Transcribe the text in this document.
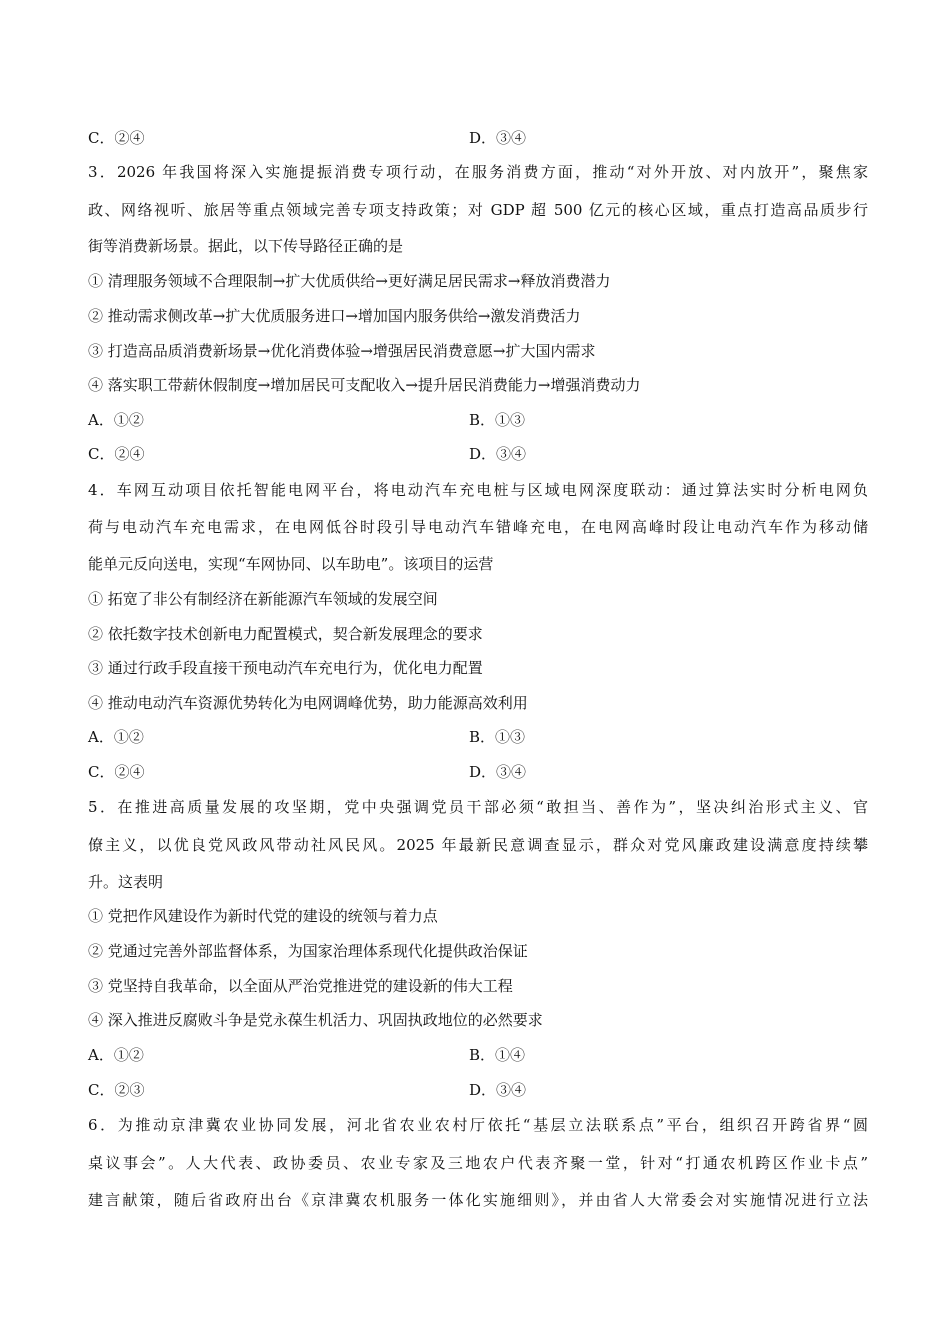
C．②④	D．③④
3．2026 年我国将深入实施提振消费专项行动，在服务消费方面，推动“对外开放、对内放开”，聚焦家
政、网络视听、旅居等重点领域完善专项支持政策；对 GDP 超 500 亿元的核心区域，重点打造高品质步行
街等消费新场景。据此，以下传导路径正确的是
① 清理服务领域不合理限制→扩大优质供给→更好满足居民需求→释放消费潜力
② 推动需求侧改革→扩大优质服务进口→增加国内服务供给→激发消费活力
③ 打造高品质消费新场景→优化消费体验→增强居民消费意愿→扩大国内需求
④ 落实职工带薪休假制度→增加居民可支配收入→提升居民消费能力→增强消费动力
A．①②	B．①③
C．②④	D．③④
4．车网互动项目依托智能电网平台，将电动汽车充电桩与区域电网深度联动：通过算法实时分析电网负
荷与电动汽车充电需求，在电网低谷时段引导电动汽车错峰充电，在电网高峰时段让电动汽车作为移动储
能单元反向送电，实现“车网协同、以车助电”。该项目的运营
① 拓宽了非公有制经济在新能源汽车领域的发展空间
② 依托数字技术创新电力配置模式，契合新发展理念的要求
③ 通过行政手段直接干预电动汽车充电行为，优化电力配置
④ 推动电动汽车资源优势转化为电网调峰优势，助力能源高效利用
A．①②	B．①③
C．②④	D．③④
5．在推进高质量发展的攻坚期，党中央强调党员干部必须“敢担当、善作为”，坚决纠治形式主义、官
僚主义，以优良党风政风带动社风民风。2025 年最新民意调查显示，群众对党风廉政建设满意度持续攀
升。这表明
① 党把作风建设作为新时代党的建设的统领与着力点
② 党通过完善外部监督体系，为国家治理体系现代化提供政治保证
③ 党坚持自我革命，以全面从严治党推进党的建设新的伟大工程
④ 深入推进反腐败斗争是党永葆生机活力、巩固执政地位的必然要求
A．①②	B．①④
C．②③	D．③④
6．为推动京津冀农业协同发展，河北省农业农村厅依托“基层立法联系点”平台，组织召开跨省界“圆
桌议事会”。人大代表、政协委员、农业专家及三地农户代表齐聚一堂，针对“打通农机跨区作业卡点”
建言献策，随后省政府出台《京津冀农机服务一体化实施细则》，并由省人大常委会对实施情况进行立法
